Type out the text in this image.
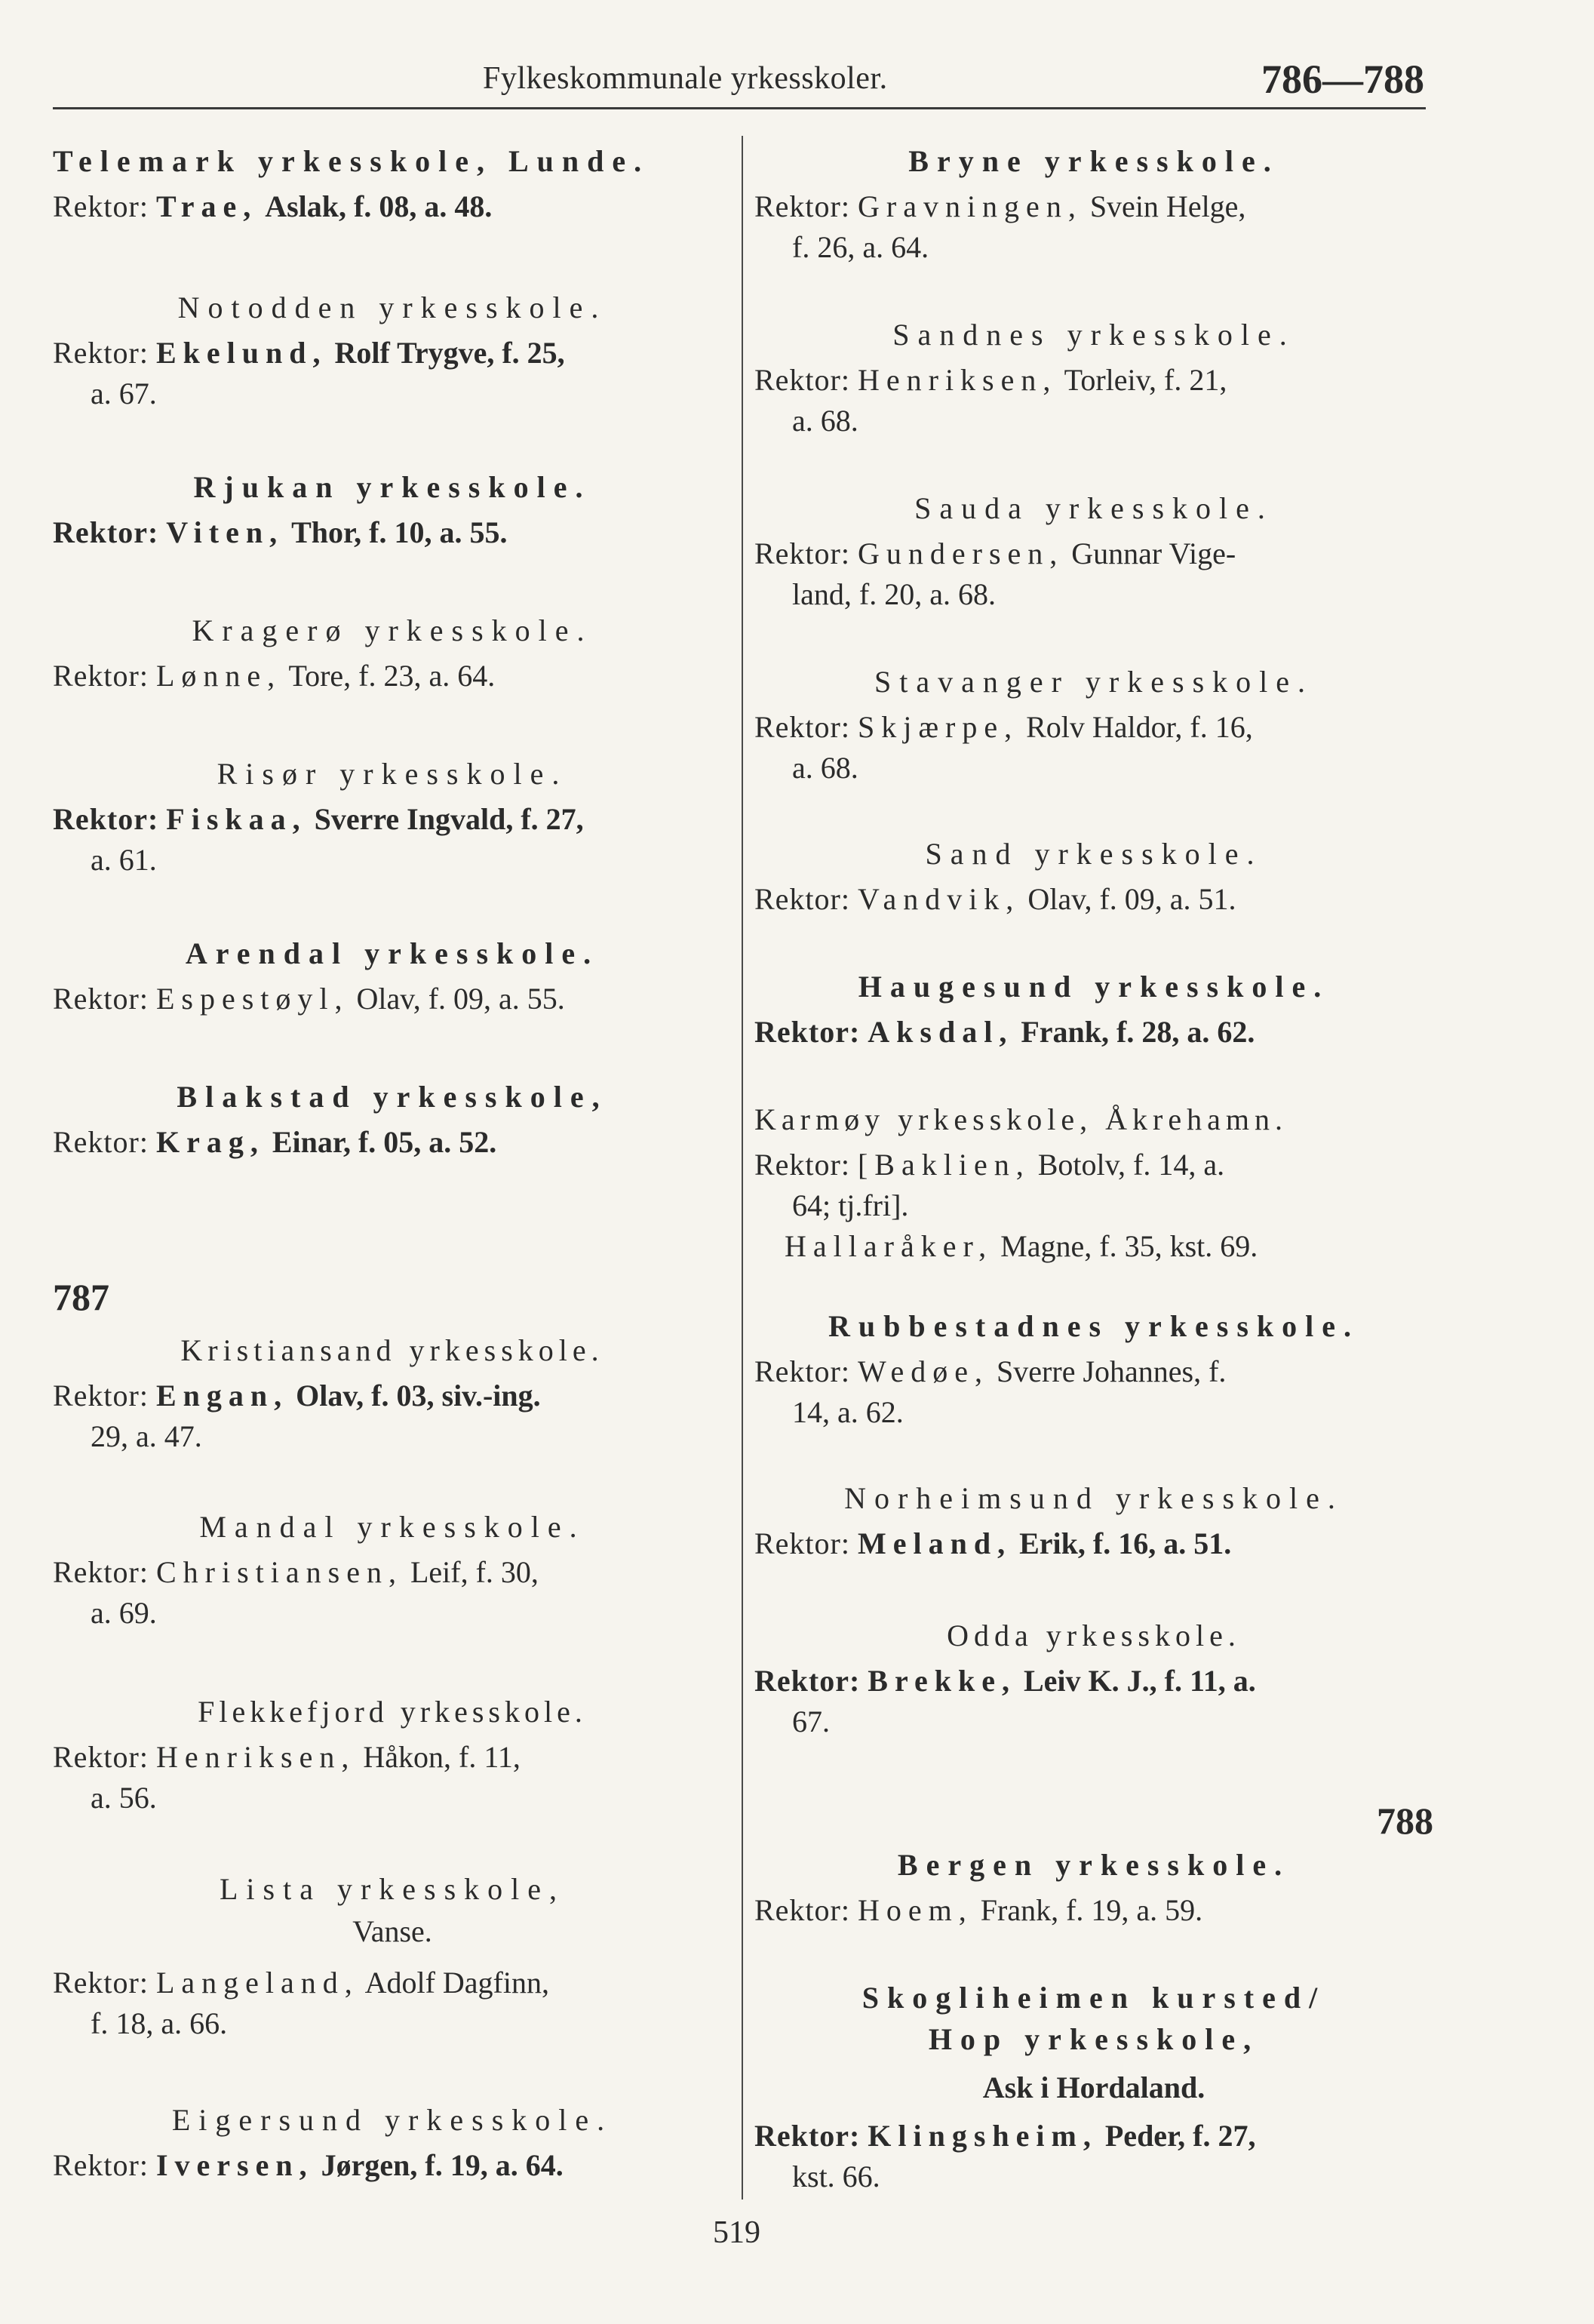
Fylkeskommunale yrkesskoler.	786—788
Telemark yrkesskole, Lunde.
Rektor: Trae, Aslak, f. 08, a. 48.
Notodden yrkesskole.
Rektor: Ekelund, Rolf Trygve, f. 25,
a. 67.
Rjukan yrkesskole.
Rektor: Viten, Thor, f. 10, a. 55.
Kragerø yrkesskole.
Rektor: Lønne, Tore, f. 23, a. 64.
Risør yrkesskole.
Rektor: Fiskaa, Sverre Ingvald, f. 27,
a. 61.
Arendal yrkesskole.
Rektor: Espestøyl, Olav, f. 09, a. 55.
Blakstad yrkesskole,
Rektor: Krag, Einar, f. 05, a. 52.
787
Kristiansand yrkesskole.
Rektor: Engan, Olav, f. 03, siv.-ing.
29, a. 47.
Mandal yrkesskole.
Rektor: Christiansen, Leif, f. 30,
a. 69.
Flekkefjord yrkesskole.
Rektor: Henriksen, Håkon, f. 11,
a. 56.
Lista yrkesskole,
Vanse.
Rektor: Langeland, Adolf Dagfinn,
f. 18, a. 66.
Eigersund yrkesskole.
Rektor: Iversen, Jørgen, f. 19, a. 64.
Bryne yrkesskole.
Rektor: Gravningen, Svein Helge,
f. 26, a. 64.
Sandnes yrkesskole.
Rektor: Henriksen, Torleiv, f. 21,
a. 68.
Sauda yrkesskole.
Rektor: Gundersen, Gunnar Vige-
land, f. 20, a. 68.
Stavanger yrkesskole.
Rektor: Skjærpe, Rolv Haldor, f. 16,
a. 68.
Sand yrkesskole.
Rektor: Vandvik, Olav, f. 09, a. 51.
Haugesund yrkesskole.
Rektor: Aksdal, Frank, f. 28, a. 62.
Karmøy yrkesskole, Åkrehamn.
Rektor: [Baklien, Botolv, f. 14, a.
64; tj.fri].
Hallaråker, Magne, f. 35, kst. 69.
Rubbestadnes yrkesskole.
Rektor: Wedøe, Sverre Johannes, f.
14, a. 62.
Norheimsund yrkesskole.
Rektor: Meland, Erik, f. 16, a. 51.
Odda yrkesskole.
Rektor: Brekke, Leiv K. J., f. 11, a.
67.
788
Bergen yrkesskole.
Rektor: Hoem, Frank, f. 19, a. 59.
Skogliheimen kursted/
Hop yrkesskole,
Ask i Hordaland.
Rektor: Klingsheim, Peder, f. 27,
kst. 66.
519
